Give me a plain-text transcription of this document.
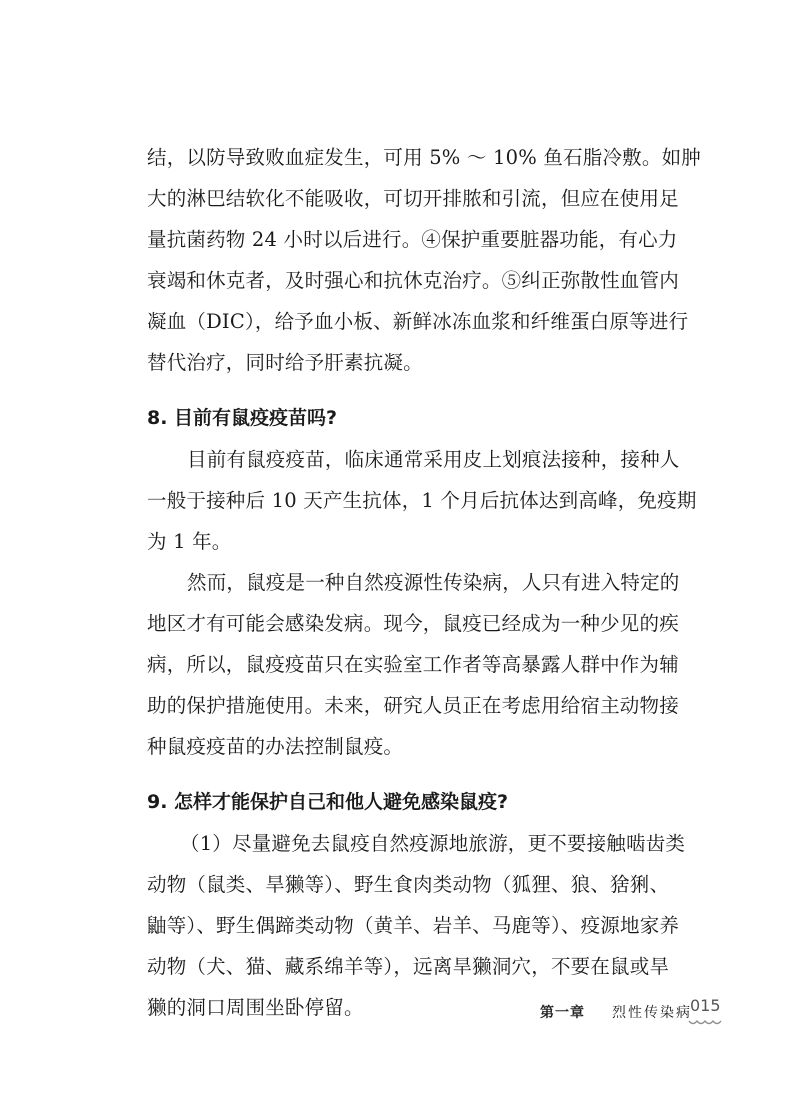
结，以防导致败血症发生，可用 5% ～ 10% 鱼石脂冷敷。如肿
大的淋巴结软化不能吸收，可切开排脓和引流，但应在使用足
量抗菌药物 24 小时以后进行。④保护重要脏器功能，有心力
衰竭和休克者，及时强心和抗休克治疗。⑤纠正弥散性血管内
凝血（DIC），给予血小板、新鲜冰冻血浆和纤维蛋白原等进行
替代治疗，同时给予肝素抗凝。
8. 目前有鼠疫疫苗吗?
目前有鼠疫疫苗，临床通常采用皮上划痕法接种，接种人
一般于接种后 10 天产生抗体，1 个月后抗体达到高峰，免疫期
为 1 年。
然而，鼠疫是一种自然疫源性传染病，人只有进入特定的
地区才有可能会感染发病。现今，鼠疫已经成为一种少见的疾
病，所以，鼠疫疫苗只在实验室工作者等高暴露人群中作为辅
助的保护措施使用。未来，研究人员正在考虑用给宿主动物接
种鼠疫疫苗的办法控制鼠疫。
9. 怎样才能保护自己和他人避免感染鼠疫?
（1）尽量避免去鼠疫自然疫源地旅游，更不要接触啮齿类
动物（鼠类、旱獭等）、野生食肉类动物（狐狸、狼、猞猁、
鼬等）、野生偶蹄类动物（黄羊、岩羊、马鹿等）、疫源地家养
动物（犬、猫、藏系绵羊等），远离旱獭洞穴，不要在鼠或旱
獭的洞口周围坐卧停留。	第一章 烈性传染病
015
